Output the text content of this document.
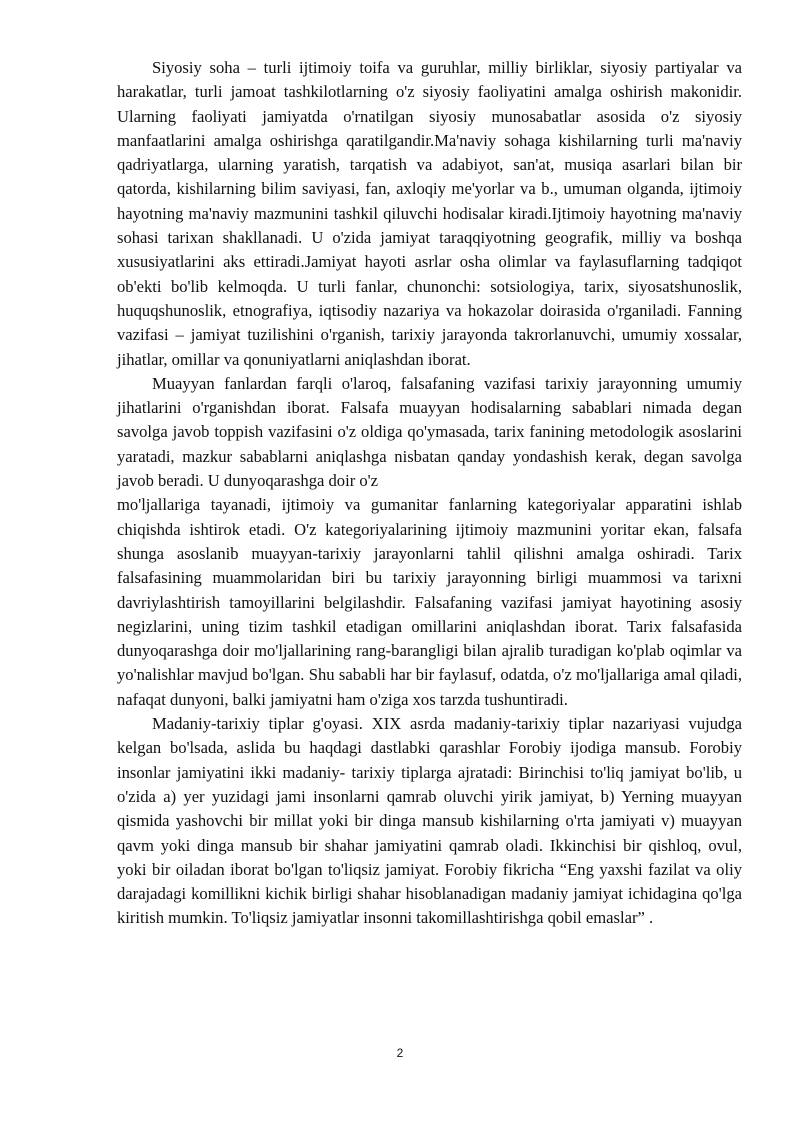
Siyosiy soha – turli ijtimoiy toifa va guruhlar, milliy birliklar, siyosiy partiyalar va harakatlar, turli jamoat tashkilotlarning o'z siyosiy faoliyatini amalga oshirish makonidir. Ularning faoliyati jamiyatda o'rnatilgan siyosiy munosabatlar asosida o'z siyosiy manfaatlarini amalga oshirishga qaratilgandir.Ma'naviy sohaga kishilarning turli ma'naviy qadriyatlarga, ularning yaratish, tarqatish va adabiyot, san'at, musiqa asarlari bilan bir qatorda, kishilarning bilim saviyasi, fan, axloqiy me'yorlar va b., umuman olganda, ijtimoiy hayotning ma'naviy mazmunini tashkil qiluvchi hodisalar kiradi.Ijtimoiy hayotning ma'naviy sohasi tarixan shakllanadi. U o'zida jamiyat taraqqiyotning geografik, milliy va boshqa xususiyatlarini aks ettiradi.Jamiyat hayoti asrlar osha olimlar va faylasuflarning tadqiqot ob'ekti bo'lib kelmoqda. U turli fanlar, chunonchi: sotsiologiya, tarix, siyosatshunoslik, huquqshunoslik, etnografiya, iqtisodiy nazariya va hokazolar doirasida o'rganiladi. Fanning vazifasi – jamiyat tuzilishini o'rganish, tarixiy jarayonda takrorlanuvchi, umumiy xossalar, jihatlar, omillar va qonuniyatlarni aniqlashdan iborat.

Muayyan fanlardan farqli o'laroq, falsafaning vazifasi tarixiy jarayonning umumiy jihatlarini o'rganishdan iborat. Falsafa muayyan hodisalarning sabablari nimada degan savolga javob toppish vazifasini o'z oldiga qo'ymasada, tarix fanining metodologik asoslarini yaratadi, mazkur sabablarni aniqlashga nisbatan qanday yondashish kerak, degan savolga javob beradi. U dunyoqarashga doir o'z

mo'ljallariga tayanadi, ijtimoiy va gumanitar fanlarning kategoriyalar apparatini ishlab chiqishda ishtirok etadi. O'z kategoriyalarining ijtimoiy mazmunini yoritar ekan, falsafa shunga asoslanib muayyan-tarixiy jarayonlarni tahlil qilishni amalga oshiradi. Tarix falsafasining muammolaridan biri bu tarixiy jarayonning birligi muammosi va tarixni davriylashtirish tamoyillarini belgilashdir. Falsafaning vazifasi jamiyat hayotining asosiy negizlarini, uning tizim tashkil etadigan omillarini aniqlashdan iborat. Tarix falsafasida dunyoqarashga doir mo'ljallarining rang-barangligi bilan ajralib turadigan ko'plab oqimlar va yo'nalishlar mavjud bo'lgan. Shu sababli har bir faylasuf, odatda, o'z mo'ljallariga amal qiladi, nafaqat dunyoni, balki jamiyatni ham o'ziga xos tarzda tushuntiradi.

Madaniy-tarixiy tiplar g'oyasi. XIX asrda madaniy-tarixiy tiplar nazariyasi vujudga kelgan bo'lsada, aslida bu haqdagi dastlabki qarashlar Forobiy ijodiga mansub. Forobiy insonlar jamiyatini ikki madaniy- tarixiy tiplarga ajratadi: Birinchisi to'liq jamiyat bo'lib, u o'zida a) yer yuzidagi jami insonlarni qamrab oluvchi yirik jamiyat, b) Yerning muayyan qismida yashovchi bir millat yoki bir dinga mansub kishilarning o'rta jamiyati v) muayyan qavm yoki dinga mansub bir shahar jamiyatini qamrab oladi. Ikkinchisi bir qishloq, ovul, yoki bir oiladan iborat bo'lgan to'liqsiz jamiyat. Forobiy fikricha “Eng yaxshi fazilat va oliy darajadagi komillikni kichik birligi shahar hisoblanadigan madaniy jamiyat ichidagina qo'lga kiritish mumkin. To'liqsiz jamiyatlar insonni takomillashtirishga qobil emaslar” .

2
